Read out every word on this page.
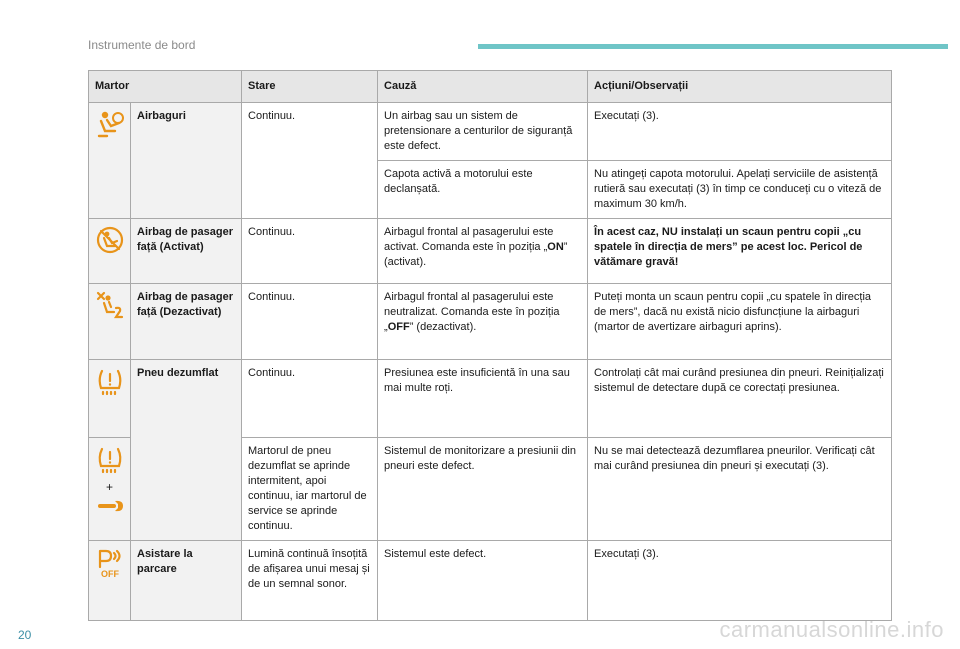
Instrumente de bord
Martor		Stare	Cauză	Acțiuni/Observații

	Airbaguri	Continuu.	Un airbag sau un sistem de pretensionare a centurilor de siguranță este defect.	Executați (3).
			Capota activă a motorului este declanșată.	Nu atingeți capota motorului. Apelați serviciile de asistență rutieră sau executați (3) în timp ce conduceți cu o viteză de maximum 30 km/h.

	Airbag de pasager față (Activat)	Continuu.	Airbagul frontal al pasagerului este activat. Comanda este în poziția „ON” (activat).	În acest caz, NU instalați un scaun pentru copii „cu spatele în direcția de mers” pe acest loc. Pericol de vătămare gravă!

	Airbag de pasager față (Dezactivat)	Continuu.	Airbagul frontal al pasagerului este neutralizat. Comanda este în poziția „OFF” (dezactivat).	Puteți monta un scaun pentru copii „cu spatele în direcția de mers”, dacă nu există nicio disfuncțiune la airbaguri (martor de avertizare airbaguri aprins).

	Pneu dezumflat	Continuu.	Presiunea este insuficientă în una sau mai multe roți.	Controlați cât mai curând presiunea din pneuri. Reinițializați sistemul de detectare după ce corectați presiunea.

+		Martorul de pneu dezumflat se aprinde intermitent, apoi continuu, iar martorul de service se aprinde continuu.	Sistemul de monitorizare a presiunii din pneuri este defect.	Nu se mai detectează dezumflarea pneurilor. Verificați cât mai curând presiunea din pneuri și executați (3).

OFF	Asistare la parcare	Lumină continuă însoțită de afișarea unui mesaj și de un semnal sonor.	Sistemul este defect.	Executați (3).
20	carmanualsonline.info
